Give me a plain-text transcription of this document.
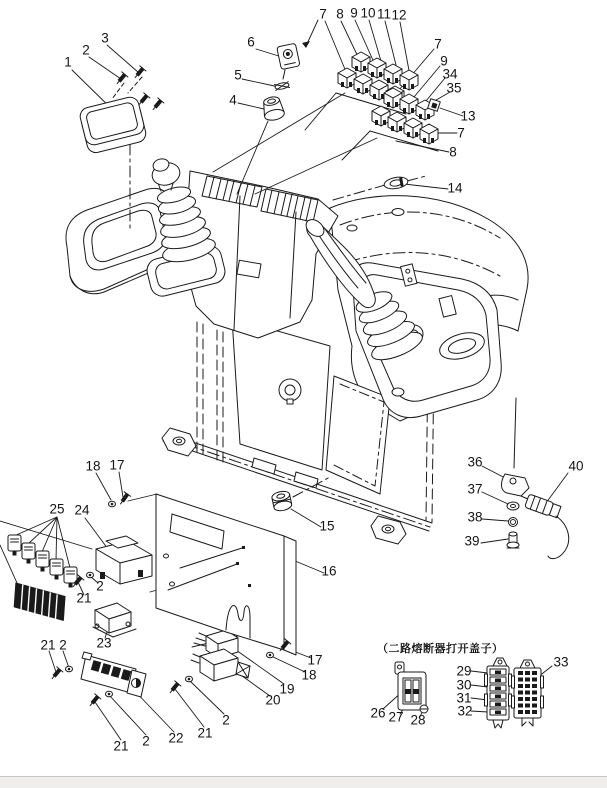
1
2
3
4
5
6
7 8 9 10 11 12
7
9
34
35
13
7
8
14
18 17
15
16
25 24
2
21
21 2 23
21 2 22 21
2
20
19
18
17
36
37
38
39
40
26 27 28
29
30
31
32
33
（二路熔断器打开盖子）
